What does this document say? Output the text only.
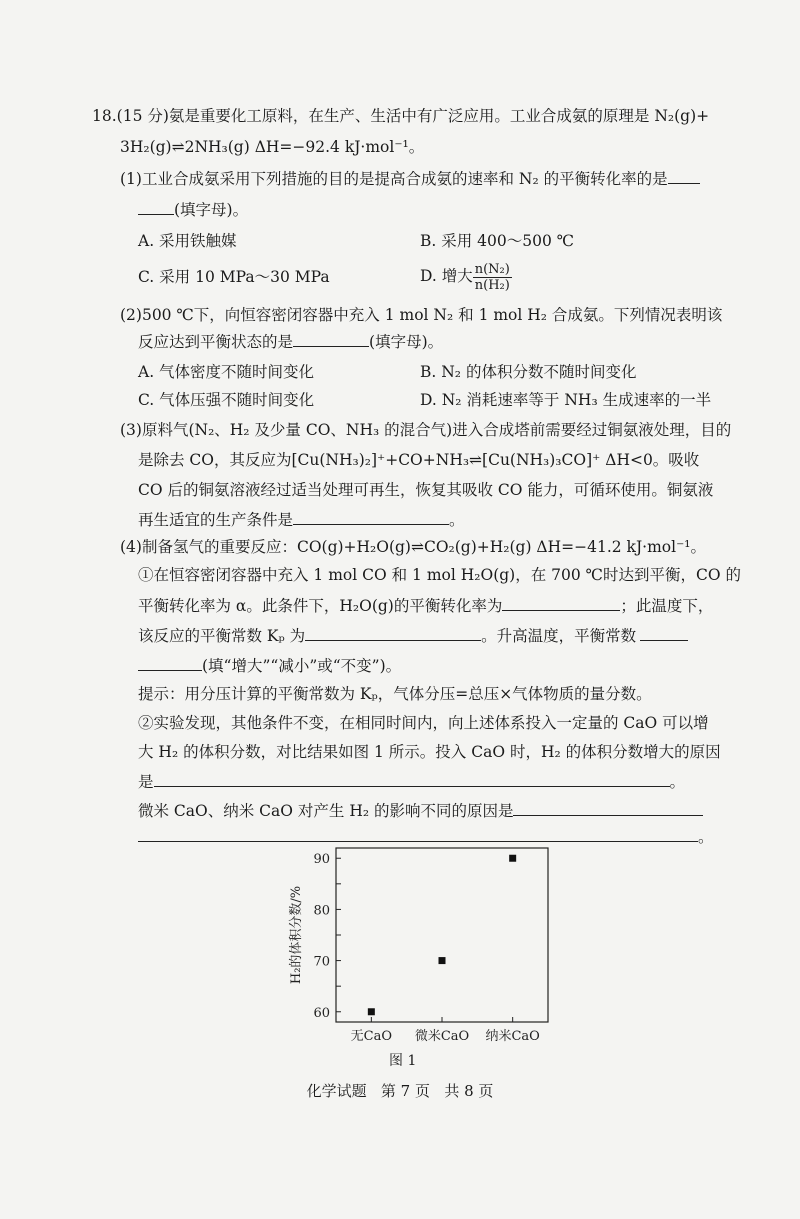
18.(15 分)氨是重要化工原料，在生产、生活中有广泛应用。工业合成氨的原理是 N₂(g)+
3H₂(g)⇌2NH₃(g) ΔH=−92.4 kJ·mol⁻¹。
(1)工业合成氨采用下列措施的目的是提高合成氨的速率和 N₂ 的平衡转化率的是
(填字母)。
A. 采用铁触媒	B. 采用 400～500 ℃
C. 采用 10 MPa～30 MPa	D. 增大 $\frac{\text{n(N₂)}}{\text{n(H₂)}}$
(2)500 ℃下，向恒容密闭容器中充入 1 mol N₂ 和 1 mol H₂ 合成氨。下列情况表明该
反应达到平衡状态的是	(填字母)。
A. 气体密度不随时间变化	B. N₂ 的体积分数不随时间变化
C. 气体压强不随时间变化	D. N₂ 消耗速率等于 NH₃ 生成速率的一半
(3)原料气(N₂、H₂ 及少量 CO、NH₃ 的混合气)进入合成塔前需要经过铜氨液处理，目的
是除去 CO，其反应为[Cu(NH₃)₂]⁺+CO+NH₃⇌[Cu(NH₃)₃CO]⁺ ΔH<0。吸收
CO 后的铜氨溶液经过适当处理可再生，恢复其吸收 CO 能力，可循环使用。铜氨液
再生适宜的生产条件是	。
(4)制备氢气的重要反应：CO(g)+H₂O(g)⇌CO₂(g)+H₂(g) ΔH=−41.2 kJ·mol⁻¹。
①在恒容密闭容器中充入 1 mol CO 和 1 mol H₂O(g)，在 700 ℃时达到平衡，CO 的
平衡转化率为 α。此条件下，H₂O(g)的平衡转化率为	；此温度下，
该反应的平衡常数 Kₚ 为	。升高温度，平衡常数
(填“增大”“减小”或“不变”)。
提示：用分压计算的平衡常数为 Kₚ，气体分压=总压×气体物质的量分数。
②实验发现，其他条件不变，在相同时间内，向上述体系投入一定量的 CaO 可以增
大 H₂ 的体积分数，对比结果如图 1 所示。投入 CaO 时，H₂ 的体积分数增大的原因
是	。
微米 CaO、纳米 CaO 对产生 H₂ 的影响不同的原因是
。
60
70
80
90
无CaO 微米CaO 纳米CaO
H₂的体积分数/%
图 1
化学试题 第 7 页 共 8 页
